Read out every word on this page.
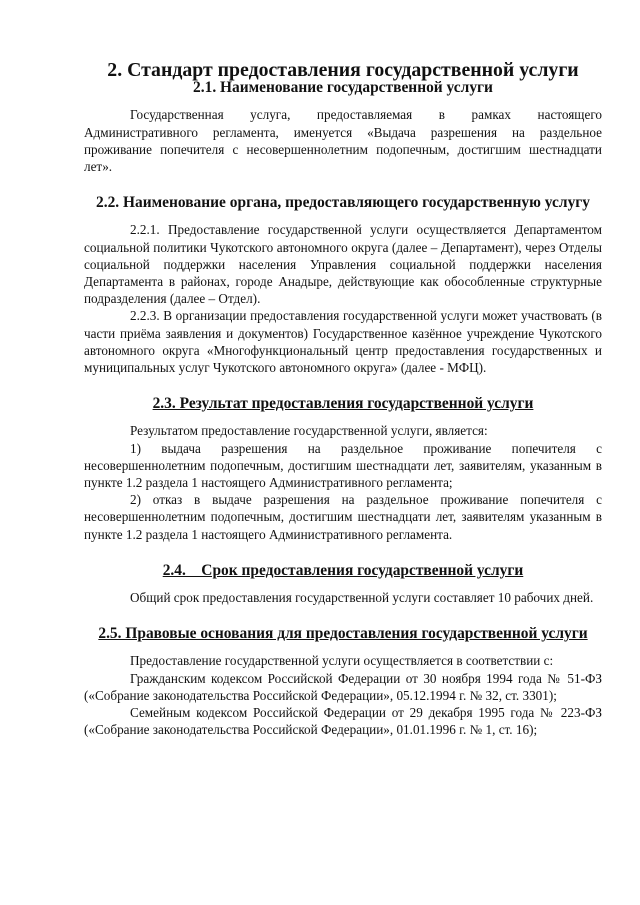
2. Стандарт предоставления государственной услуги
2.1. Наименование государственной услуги

Государственная услуга, предоставляемая в рамках настоящего Административного регламента, именуется «Выдача разрешения на раздельное проживание попечителя с несовершеннолетним подопечным, достигшим шестнадцати лет».

2.2. Наименование органа, предоставляющего государственную услугу

2.2.1. Предоставление государственной услуги осуществляется Департаментом социальной политики Чукотского автономного округа (далее – Департамент), через Отделы социальной поддержки населения Управления социальной поддержки населения Департамента в районах, городе Анадыре, действующие как обособленные структурные подразделения (далее – Отдел).

2.2.3. В организации предоставления государственной услуги может участвовать (в части приёма заявления и документов) Государственное казённое учреждение Чукотского автономного округа «Многофункциональный центр предоставления государственных и муниципальных услуг Чукотского автономного округа» (далее - МФЦ).

2.3. Результат предоставления государственной услуги

Результатом предоставление государственной услуги, является:

1) выдача разрешения на раздельное проживание попечителя с несовершеннолетним подопечным, достигшим шестнадцати лет, заявителям, указанным в пункте 1.2 раздела 1 настоящего Административного регламента;

2) отказ в выдаче разрешения на раздельное проживание попечителя с несовершеннолетним подопечным, достигшим шестнадцати лет, заявителям указанным в пункте 1.2 раздела 1 настоящего Административного регламента.

2.4.    Срок предоставления государственной услуги

Общий срок предоставления государственной услуги составляет 10 рабочих дней.

2.5. Правовые основания для предоставления государственной услуги

Предоставление государственной услуги осуществляется в соответствии с:

Гражданским кодексом Российской Федерации от 30 ноября 1994 года № 51-ФЗ («Собрание законодательства Российской Федерации», 05.12.1994 г. № 32, ст. 3301);

Семейным кодексом Российской Федерации от 29 декабря 1995 года № 223-ФЗ («Собрание законодательства Российской Федерации», 01.01.1996 г. № 1, ст. 16);
